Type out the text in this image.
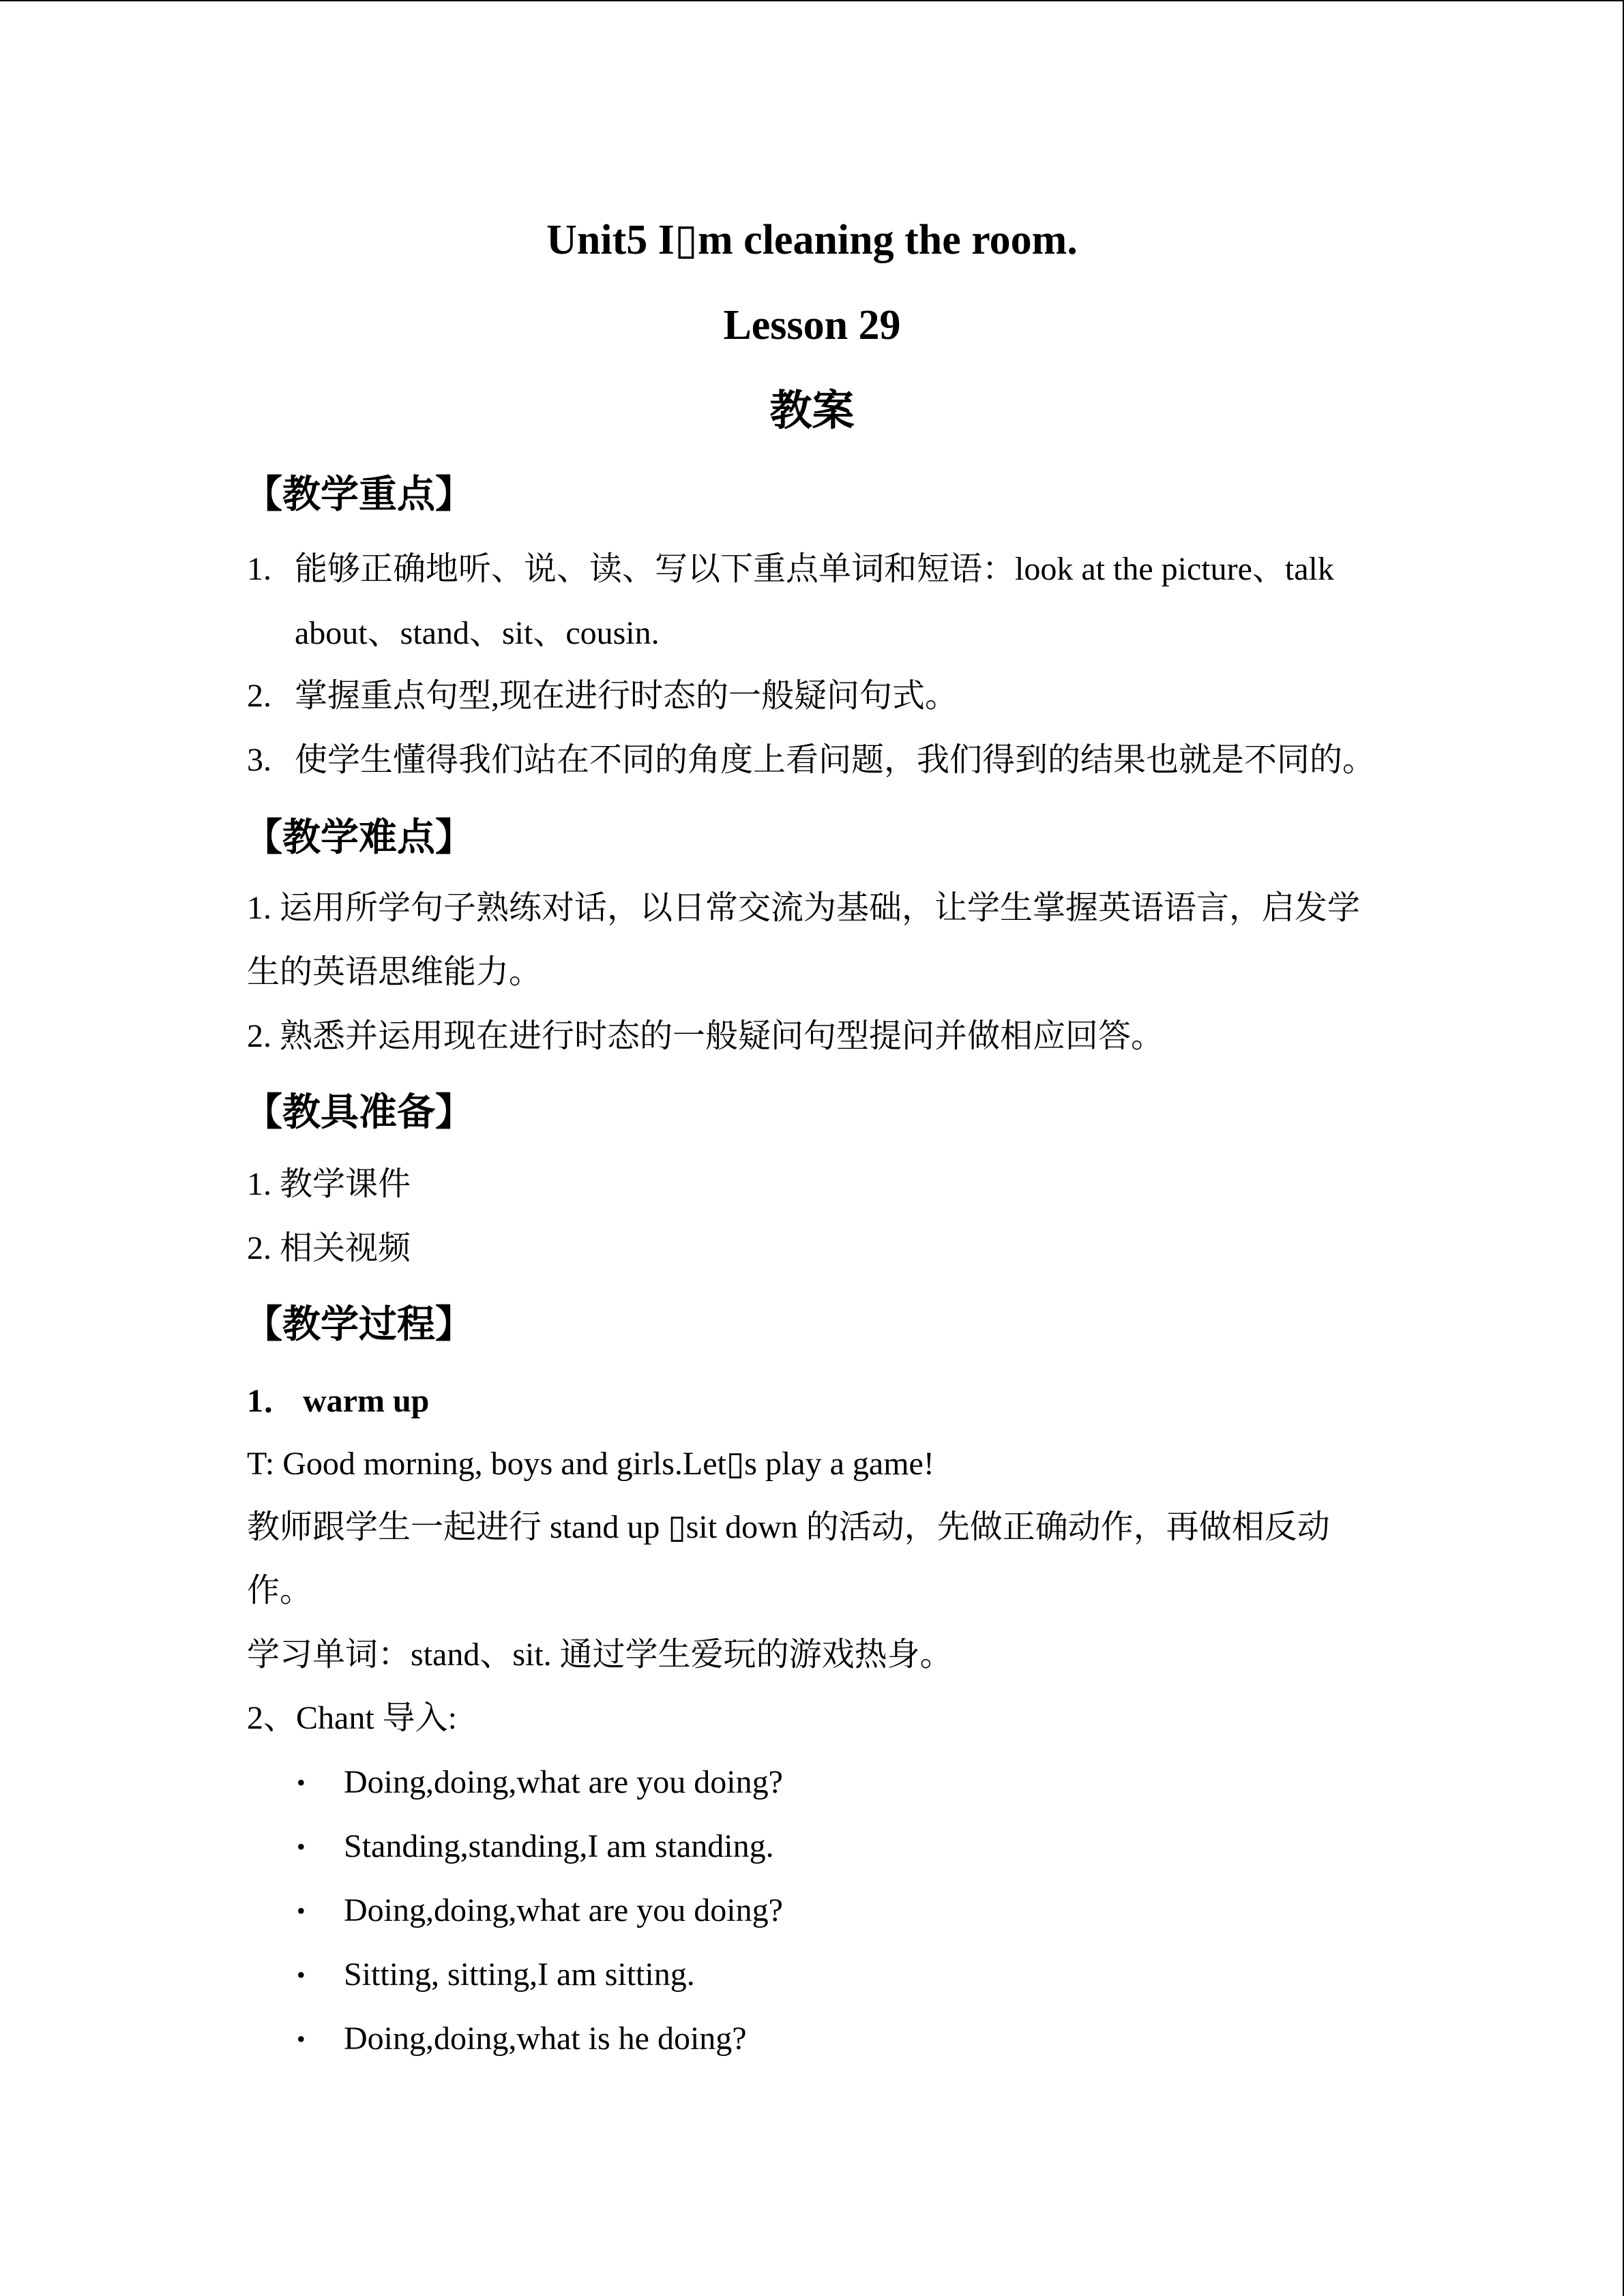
Unit5 I▯m cleaning the room.
Lesson 29
教案
【教学重点】
1. 能够正确地听、说、读、写以下重点单词和短语：look at the picture、talk
about、stand、sit、cousin.
2. 掌握重点句型,现在进行时态的一般疑问句式。
3. 使学生懂得我们站在不同的角度上看问题，我们得到的结果也就是不同的。
【教学难点】
1. 运用所学句子熟练对话，以日常交流为基础，让学生掌握英语语言，启发学
生的英语思维能力。
2. 熟悉并运用现在进行时态的一般疑问句型提问并做相应回答。
【教具准备】
1. 教学课件
2. 相关视频
【教学过程】
1． warm up
T: Good morning, boys and girls.Let▯s play a game!
教师跟学生一起进行 stand up ▯sit down 的活动，先做正确动作，再做相反动
作。
学习单词：stand、sit. 通过学生爱玩的游戏热身。
2、Chant 导入:
• Doing,doing,what are you doing?
• Standing,standing,I am standing.
• Doing,doing,what are you doing?
• Sitting, sitting,I am sitting.
• Doing,doing,what is he doing?
